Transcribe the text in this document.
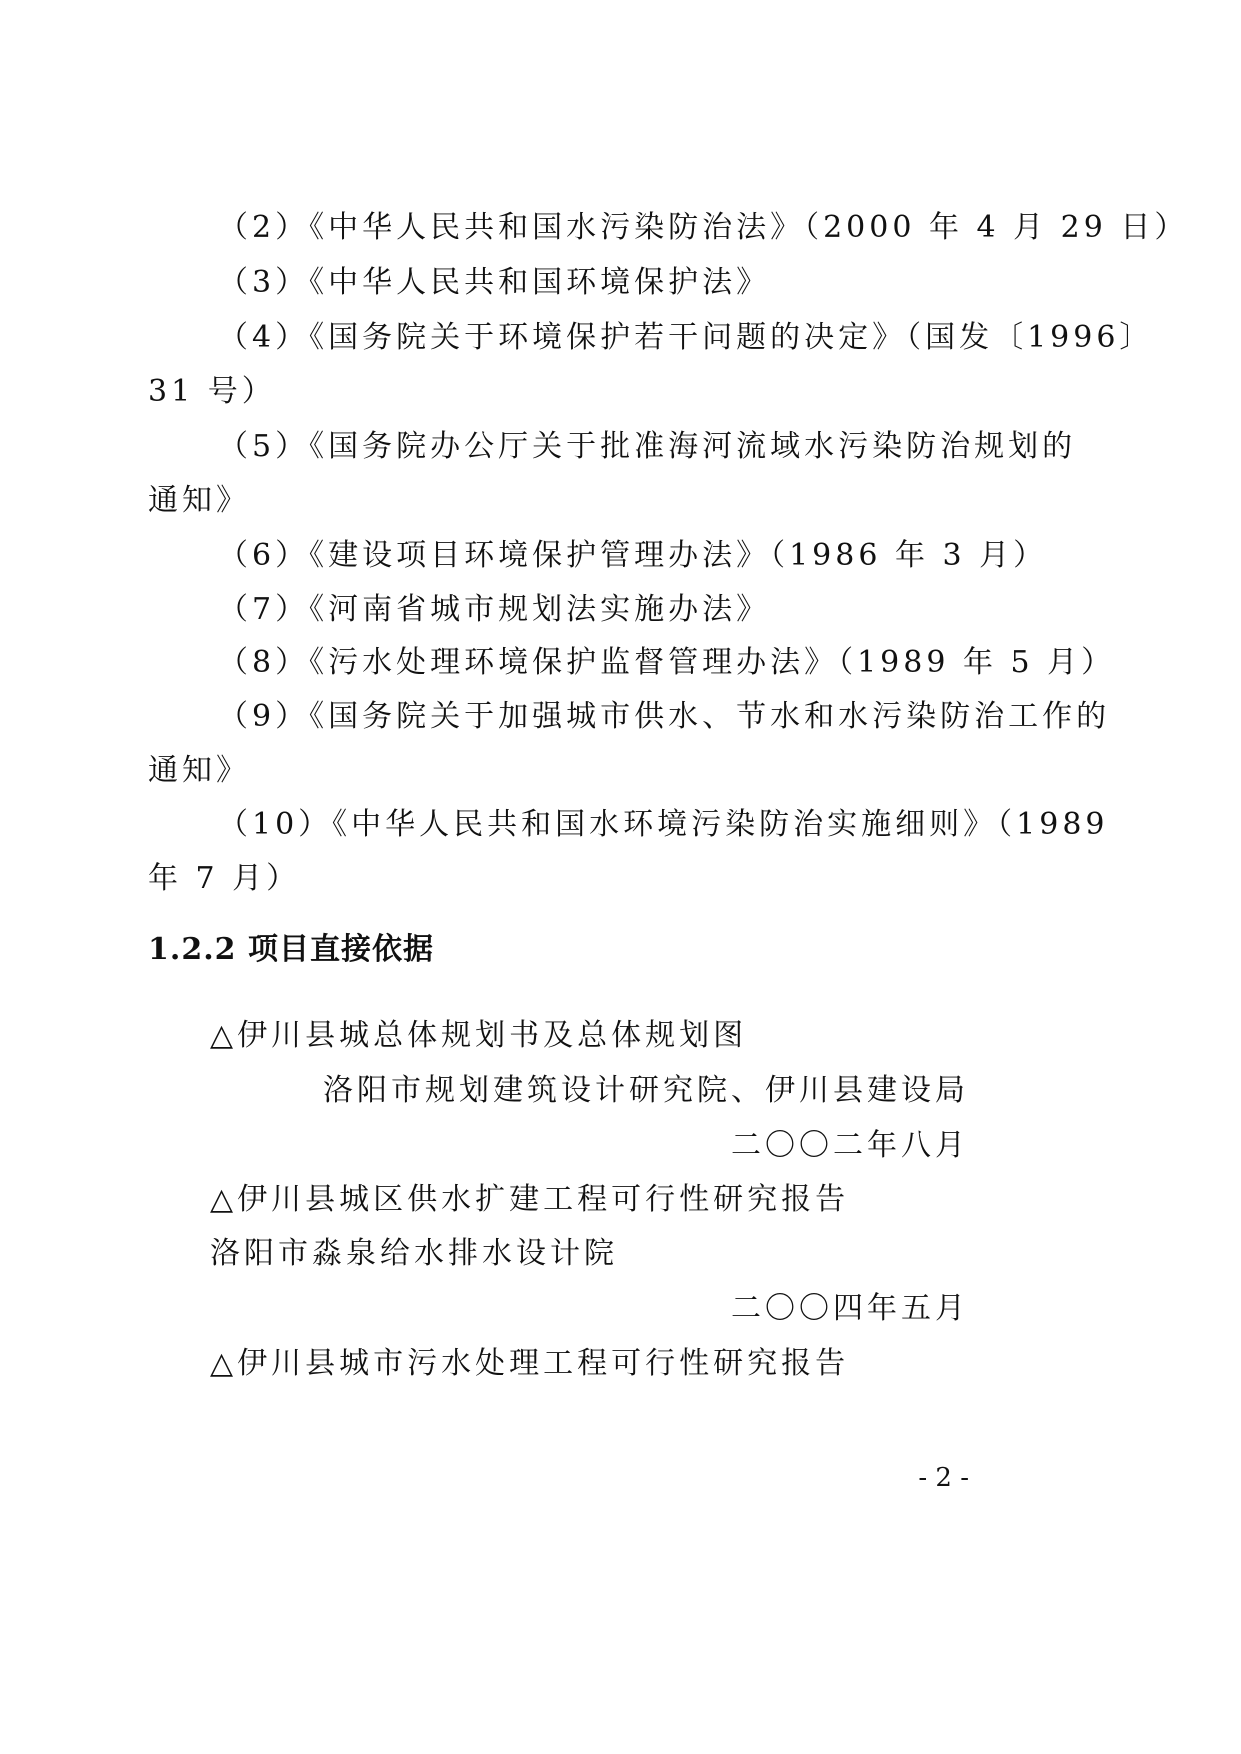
（2）《中华人民共和国水污染防治法》（2000 年 4 月 29 日）
（3）《中华人民共和国环境保护法》
（4）《国务院关于环境保护若干问题的决定》（国发〔1996〕
31 号）
（5）《国务院办公厅关于批准海河流域水污染防治规划的
通知》
（6）《建设项目环境保护管理办法》（1986 年 3 月）
（7）《河南省城市规划法实施办法》
（8）《污水处理环境保护监督管理办法》（1989 年 5 月）
（9）《国务院关于加强城市供水、节水和水污染防治工作的
通知》
（10）《中华人民共和国水环境污染防治实施细则》（1989
年 7 月）
1.2.2 项目直接依据
△伊川县城总体规划书及总体规划图
洛阳市规划建筑设计研究院、伊川县建设局
二〇〇二年八月
△伊川县城区供水扩建工程可行性研究报告
洛阳市淼泉给水排水设计院
二〇〇四年五月
△伊川县城市污水处理工程可行性研究报告
- 2 -
